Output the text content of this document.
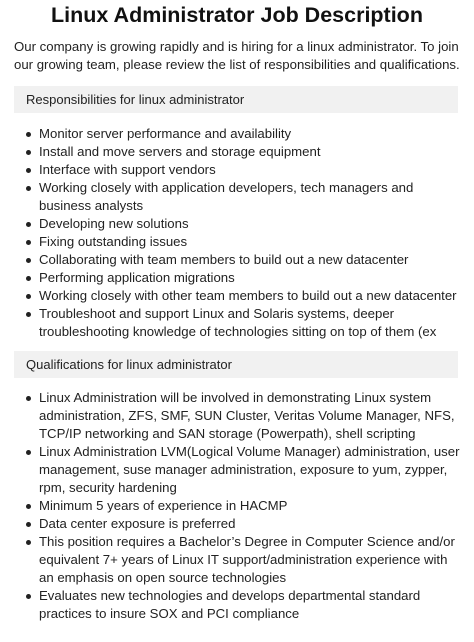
Linux Administrator Job Description

Our company is growing rapidly and is hiring for a linux administrator. To join our growing team, please review the list of responsibilities and qualifications.

Responsibilities for linux administrator
Monitor server performance and availability
Install and move servers and storage equipment
Interface with support vendors
Working closely with application developers, tech managers and business analysts
Developing new solutions
Fixing outstanding issues
Collaborating with team members to build out a new datacenter
Performing application migrations
Working closely with other team members to build out a new datacenter
Troubleshoot and support Linux and Solaris systems, deeper troubleshooting knowledge of technologies sitting on top of them (ex
Qualifications for linux administrator
Linux Administration will be involved in demonstrating Linux system administration, ZFS, SMF, SUN Cluster, Veritas Volume Manager, NFS, TCP/IP networking and SAN storage (Powerpath), shell scripting
Linux Administration LVM(Logical Volume Manager) administration, user management, suse manager administration, exposure to yum, zypper, rpm, security hardening
Minimum 5 years of experience in HACMP
Data center exposure is preferred
This position requires a Bachelor’s Degree in Computer Science and/or equivalent 7+ years of Linux IT support/administration experience with an emphasis on open source technologies
Evaluates new technologies and develops departmental standard practices to insure SOX and PCI compliance
